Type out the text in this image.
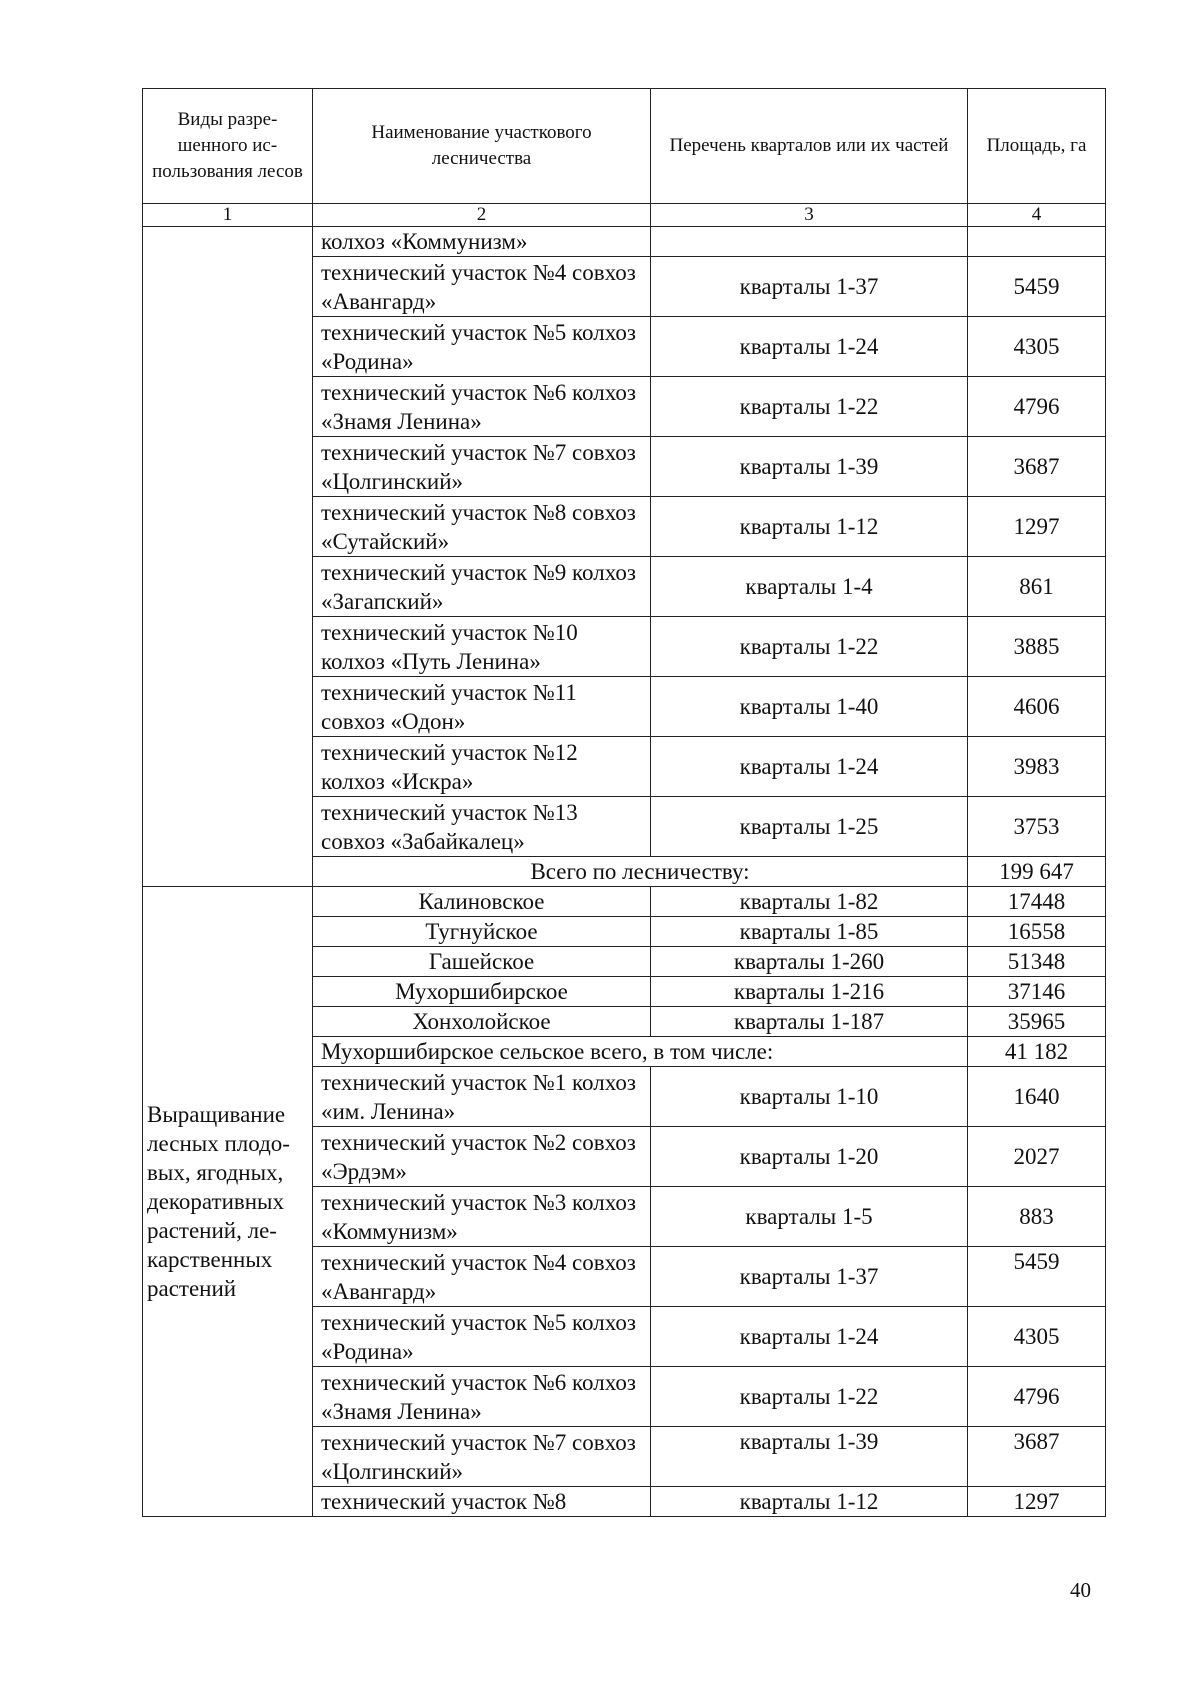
Виды разре-шенного ис-пользования лесов	Наименование участкового лесничества	Перечень кварталов или их частей	Площадь, га
1	2	3	4
	колхоз «Коммунизм»		
	технический участок №4 совхоз «Авангард»	кварталы 1-37	5459
	технический участок №5 колхоз «Родина»	кварталы 1-24	4305
	технический участок №6 колхоз «Знамя Ленина»	кварталы 1-22	4796
	технический участок №7 совхоз «Цолгинский»	кварталы 1-39	3687
	технический участок №8 совхоз «Сутайский»	кварталы 1-12	1297
	технический участок №9 колхоз «Загапский»	кварталы 1-4	861
	технический участок №10 колхоз «Путь Ленина»	кварталы 1-22	3885
	технический участок №11 совхоз «Одон»	кварталы 1-40	4606
	технический участок №12 колхоз «Искра»	кварталы 1-24	3983
	технический участок №13 совхоз «Забайкалец»	кварталы 1-25	3753
	Всего по лесничеству:		199 647
Выращивание лесных плодо-вых, ягодных, декоративных растений, ле-карственных растений	Калиновское	кварталы 1-82	17448
	Тугнуйское	кварталы 1-85	16558
	Гашейское	кварталы 1-260	51348
	Мухоршибирское	кварталы 1-216	37146
	Хонхолойское	кварталы 1-187	35965
	Мухоршибирское сельское всего, в том числе:		41 182
	технический участок №1 колхоз «им. Ленина»	кварталы 1-10	1640
	технический участок №2 совхоз «Эрдэм»	кварталы 1-20	2027
	технический участок №3 колхоз «Коммунизм»	кварталы 1-5	883
	технический участок №4 совхоз «Авангард»	кварталы 1-37	5459
	технический участок №5 колхоз «Родина»	кварталы 1-24	4305
	технический участок №6 колхоз «Знамя Ленина»	кварталы 1-22	4796
	технический участок №7 совхоз «Цолгинский»	кварталы 1-39	3687
	технический участок №8	кварталы 1-12	1297
40
